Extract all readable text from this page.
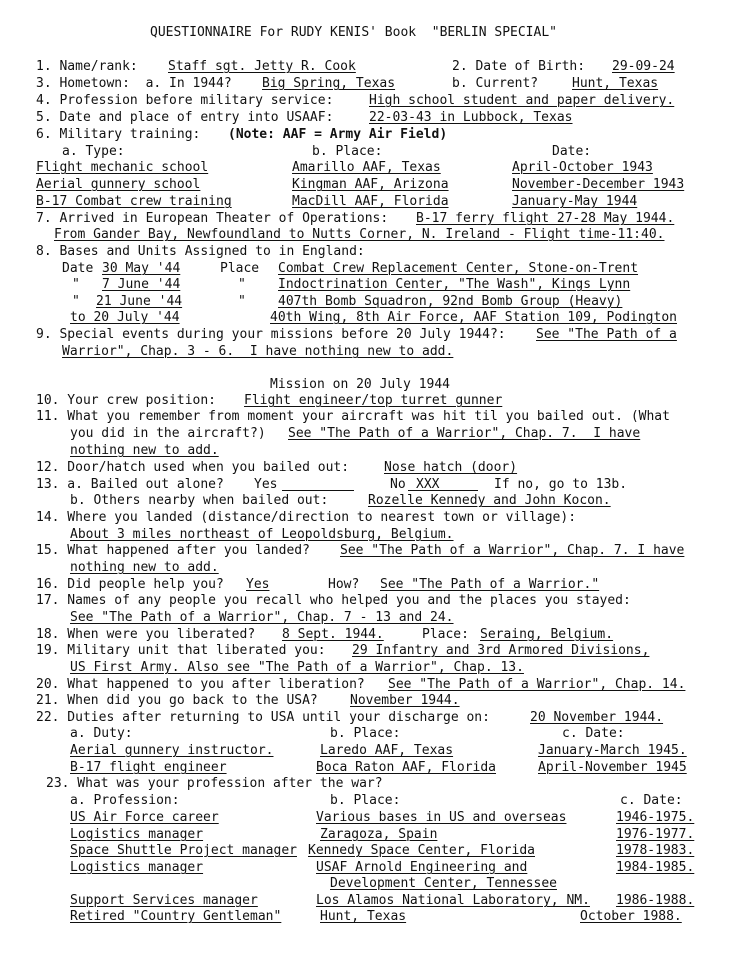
QUESTIONNAIRE For RUDY KENIS' Book  "BERLIN SPECIAL"
1. Name/rank: Staff sgt. Jetty R. Cook	2. Date of Birth: 29-09-24
3. Hometown:  a. In 1944? Big Spring, Texas	b. Current?	Hunt, Texas
4. Profession before military service:	High school student and paper delivery.
5. Date and place of entry into USAAF:	22-03-43 in Lubbock, Texas
6. Military training: (Note: AAF = Army Air Field)
a. Type:	b. Place:	Date:
Flight mechanic school	Amarillo AAF, Texas	April-October 1943
Aerial gunnery school	Kingman AAF, Arizona	November-December 1943
B-17 Combat crew training	MacDill AAF, Florida	January-May 1944
7. Arrived in European Theater of Operations: B-17 ferry flight 27-28 May 1944.
From Gander Bay, Newfoundland to Nutts Corner, N. Ireland - Flight time-11:40.
8. Bases and Units Assigned to in England:
Date 30 May '44	Place Combat Crew Replacement Center, Stone-on-Trent
" 7 June '44	" Indoctrination Center, "The Wash", Kings Lynn
" 21 June '44	" 407th Bomb Squadron, 92nd Bomb Group (Heavy)
to 20 July '44	40th Wing, 8th Air Force, AAF Station 109, Podington
9. Special events during your missions before 20 July 1944?: See "The Path of a
Warrior", Chap. 3 - 6.  I have nothing new to add.
Mission on 20 July 1944
10. Your crew position: Flight engineer/top turret gunner
11. What you remember from moment your aircraft was hit til you bailed out. (What
you did in the aircraft?) See "The Path of a Warrior", Chap. 7.  I have
nothing new to add.
12. Door/hatch used when you bailed out:	Nose hatch (door)
13. a. Bailed out alone? Yes	No XXX	If no, go to 13b.
b. Others nearby when bailed out:	Rozelle Kennedy and John Kocon.
14. Where you landed (distance/direction to nearest town or village):
About 3 miles northeast of Leopoldsburg, Belgium.
15. What happened after you landed? See "The Path of a Warrior", Chap. 7. I have
nothing new to add.
16. Did people help you? Yes	How? See "The Path of a Warrior."
17. Names of any people you recall who helped you and the places you stayed:
See "The Path of a Warrior", Chap. 7 - 13 and 24.
18. When were you liberated? 8 Sept. 1944.	Place: Seraing, Belgium.
19. Military unit that liberated you: 29 Infantry and 3rd Armored Divisions,
US First Army. Also see "The Path of a Warrior", Chap. 13.
20. What happened to you after liberation? See "The Path of a Warrior", Chap. 14.
21. When did you go back to the USA? November 1944.
22. Duties after returning to USA until your discharge on:	20 November 1944.
a. Duty:	b. Place:	c. Date:
Aerial gunnery instructor.	Laredo AAF, Texas	January-March 1945.
B-17 flight engineer	Boca Raton AAF, Florida	April-November 1945
23. What was your profession after the war?
a. Profession:	b. Place:	c. Date:
US Air Force career	Various bases in US and overseas	1946-1975.
Logistics manager	Zaragoza, Spain	1976-1977.
Space Shuttle Project manager Kennedy Space Center, Florida	1978-1983.
Logistics manager	USAF Arnold Engineering and	1984-1985.
Development Center, Tennessee
Support Services manager	Los Alamos National Laboratory, NM. 1986-1988.
Retired "Country Gentleman"	Hunt, Texas	October 1988.
